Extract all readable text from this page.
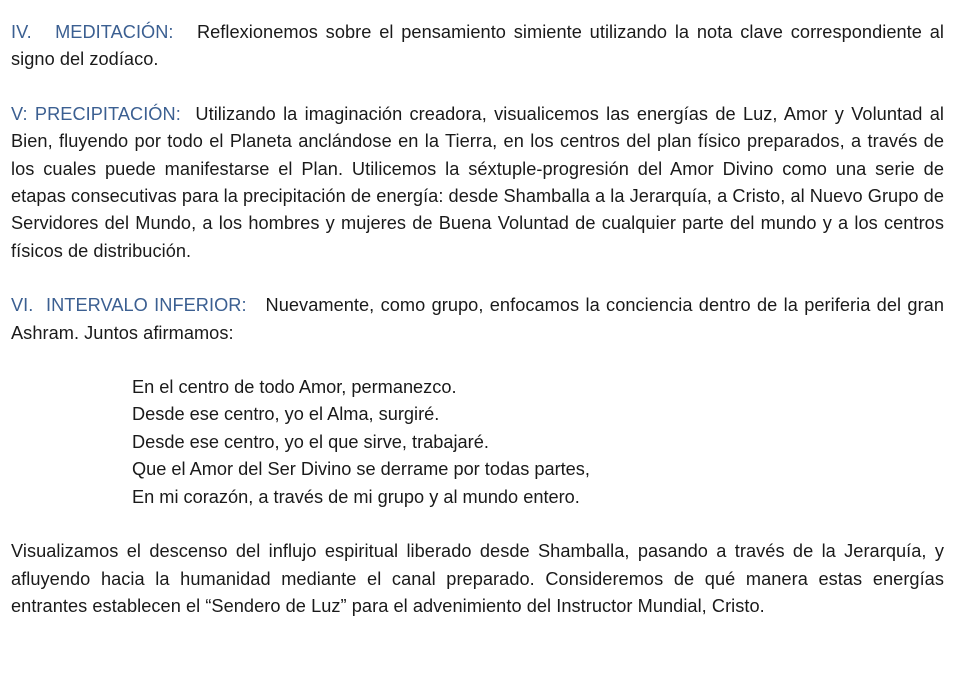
IV.   MEDITACIÓN: Reflexionemos sobre el pensamiento simiente utilizando la nota clave correspondiente al signo del zodíaco.

V: PRECIPITACIÓN: Utilizando la imaginación creadora, visualicemos las energías de Luz, Amor y Voluntad al Bien, fluyendo por todo el Planeta anclándose en la Tierra, en los centros del plan físico preparados, a través de los cuales puede manifestarse el Plan. Utilicemos la séxtuple-progresión del Amor Divino como una serie de etapas consecutivas para la precipitación de energía: desde Shamballa a la Jerarquía, a Cristo, al Nuevo Grupo de Servidores del Mundo, a los hombres y mujeres de Buena Voluntad de cualquier parte del mundo y a los centros físicos de distribución.

VI.  INTERVALO INFERIOR: Nuevamente, como grupo, enfocamos la conciencia dentro de la periferia del gran Ashram. Juntos afirmamos:

En el centro de todo Amor, permanezco.
Desde ese centro, yo el Alma, surgiré.
Desde ese centro, yo el que sirve, trabajaré.
Que el Amor del Ser Divino se derrame por todas partes,
En mi corazón, a través de mi grupo y al mundo entero.

Visualizamos el descenso del influjo espiritual liberado desde Shamballa, pasando a través de la Jerarquía, y afluyendo hacia la humanidad mediante el canal preparado. Consideremos de qué manera estas energías entrantes establecen el “Sendero de Luz” para el advenimiento del Instructor Mundial, Cristo.
